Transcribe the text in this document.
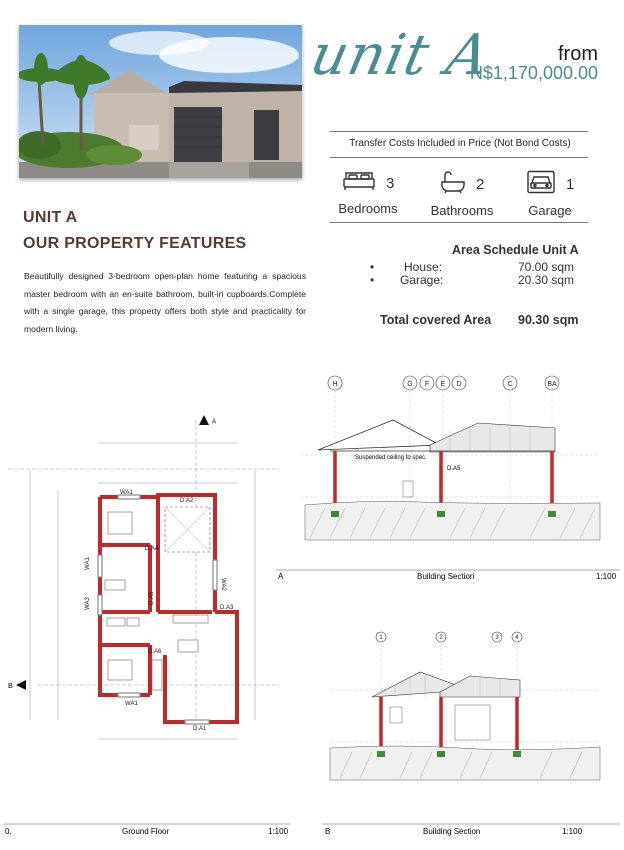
unit A	from
N$1,170,000.00
Transfer Costs Included in Price (Not Bond Costs)
3
Bedrooms
2
Bathrooms
1
Garage
UNIT A
OUR PROPERTY FEATURES
Beautifully designed 3-bedroom open-plan home featuring a spacious master bedroom with an en-suite bathroom, built-in cupboards.Complete with a single garage, this property offers both style and practicality for modern living.
Area Schedule Unit A
• House:	70.00 sqm
• Garage:	20.30 sqm
Total covered Area 90.30 sqm
WA1
WA1
WA2
WA1
WA3
D.A2
D.A3
D.A4
D.A5
D.A6
D.A1
A
B
H	G F E D	C	BA
Suspended ceiling to spec.
D.A5
A	Building Section	1:100
1	2	3	4
B	Building Section	1:100
0.	Ground Floor	1:100
